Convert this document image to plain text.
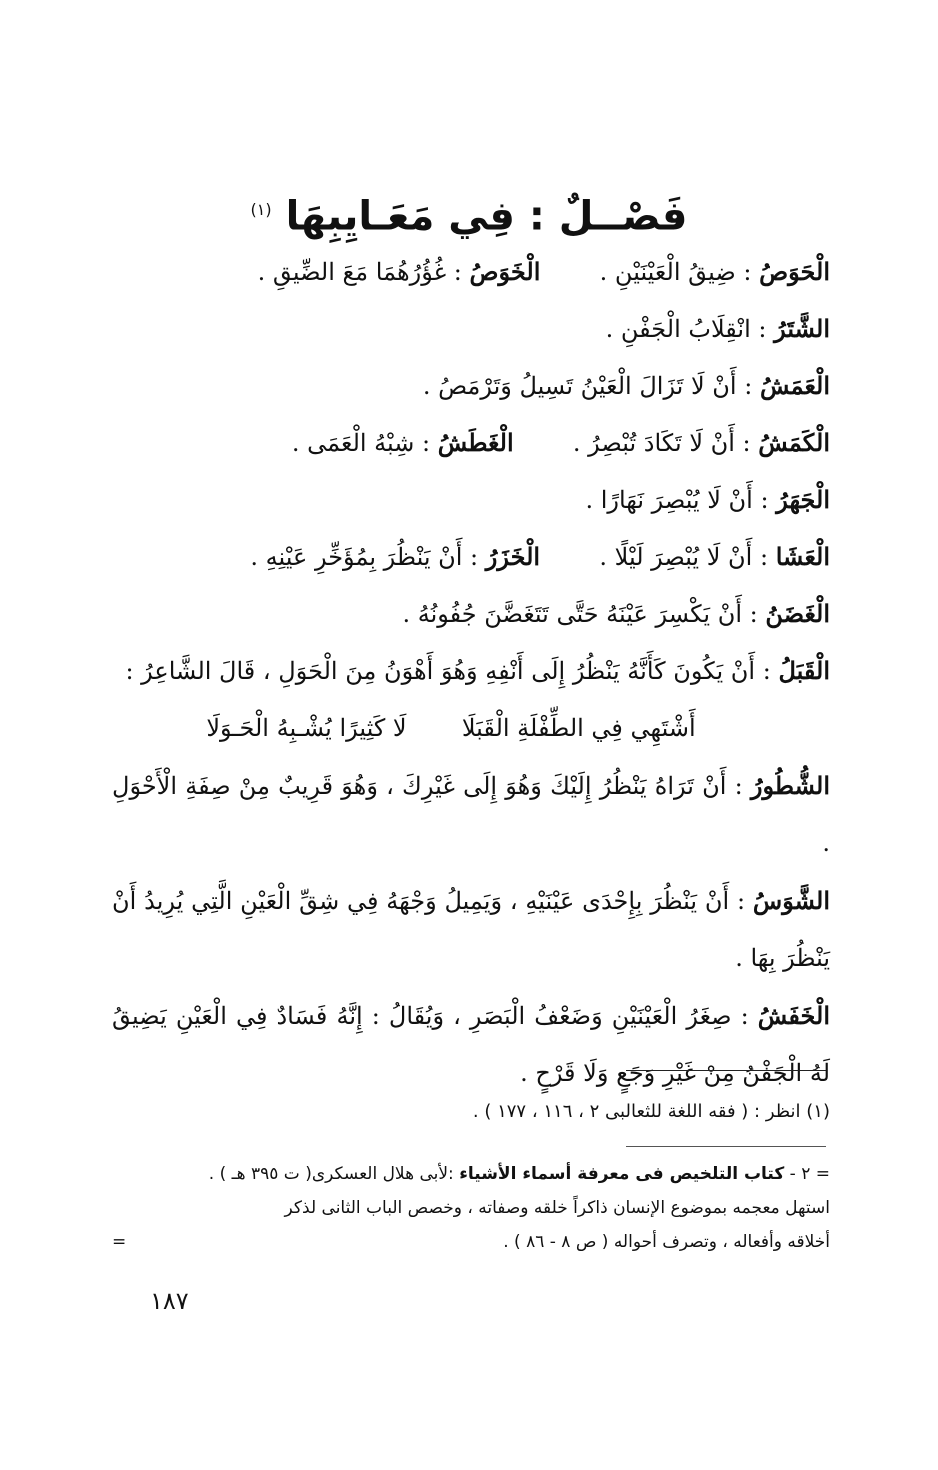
فَصْــلٌ : فِي مَعَـايِبِهَا $^{(١)}$
الْحَوَصُ : ضِيقُ الْعَيْنَيْنِ .  الْخَوَصُ : غُؤُرُهُمَا مَعَ الضِّيقِ .
الشَّتَرُ : انْقِلَابُ الْجَفْنِ .
الْعَمَشُ : أَنْ لَا تَزَالَ الْعَيْنُ تَسِيلُ وَتَرْمَصُ .
الْكَمَشُ : أَنْ لَا تَكَادَ تُبْصِرُ .  الْغَطَشُ : شِبْهُ الْعَمَى .
الْجَهَرُ : أَنْ لَا يُبْصِرَ نَهَارًا .
الْعَشَا : أَنْ لَا يُبْصِرَ لَيْلًا .  الْخَزَرُ : أَنْ يَنْظُرَ بِمُؤَخِّرِ عَيْنِهِ .
الْغَضَنُ : أَنْ يَكْسِرَ عَيْنَهُ حَتَّى تَتَغَضَّنَ جُفُونُهُ .
الْقَبَلُ : أَنْ يَكُونَ كَأَنَّهُ يَنْظُرُ إِلَى أَنْفِهِ وَهُوَ أَهْوَنُ مِنَ الْحَوَلِ ، قَالَ الشَّاعِرُ :
أَشْتَهِي فِي الطِّفْلَةِ الْقَبَلَا  لَا كَثِيرًا يُشْـبِهُ الْحَـوَلَا
الشُّطُورُ : أَنْ تَرَاهُ يَنْظُرُ إِلَيْكَ وَهُوَ إِلَى غَيْرِكَ ، وَهُوَ قَرِيبٌ مِنْ صِفَةِ الْأَحْوَلِ .
الشَّوَسُ : أَنْ يَنْظُرَ بِإِحْدَى عَيْنَيْهِ ، وَيَمِيلُ وَجْهَهُ فِي شِقِّ الْعَيْنِ الَّتِي يُرِيدُ أَنْ يَنْظُرَ بِهَا .
الْخَفَشُ : صِغَرُ الْعَيْنَيْنِ وَضَعْفُ الْبَصَرِ ، وَيُقَالُ : إِنَّهُ فَسَادٌ فِي الْعَيْنِ يَضِيقُ لَهُ الْجَفْنُ مِنْ غَيْرِ وَجَعٍ وَلَا قَرْحٍ .
(١) انظر : ( فقه اللغة للثعالبى ٢ ، ١١٦ ، ١٧٧ ) .
= ٢ - كتاب التلخيص فى معرفة أسماء الأشياء :لأبى هلال العسكرى( ت ٣٩٥ هـ ) .
استهل معجمه بموضوع الإنسان ذاكراً خلقه وصفاته ، وخصص الباب الثانى لذكر
أخلاقه وأفعاله ، وتصرف أحواله ( ص ٨ - ٨٦ ) .
=
١٨٧
